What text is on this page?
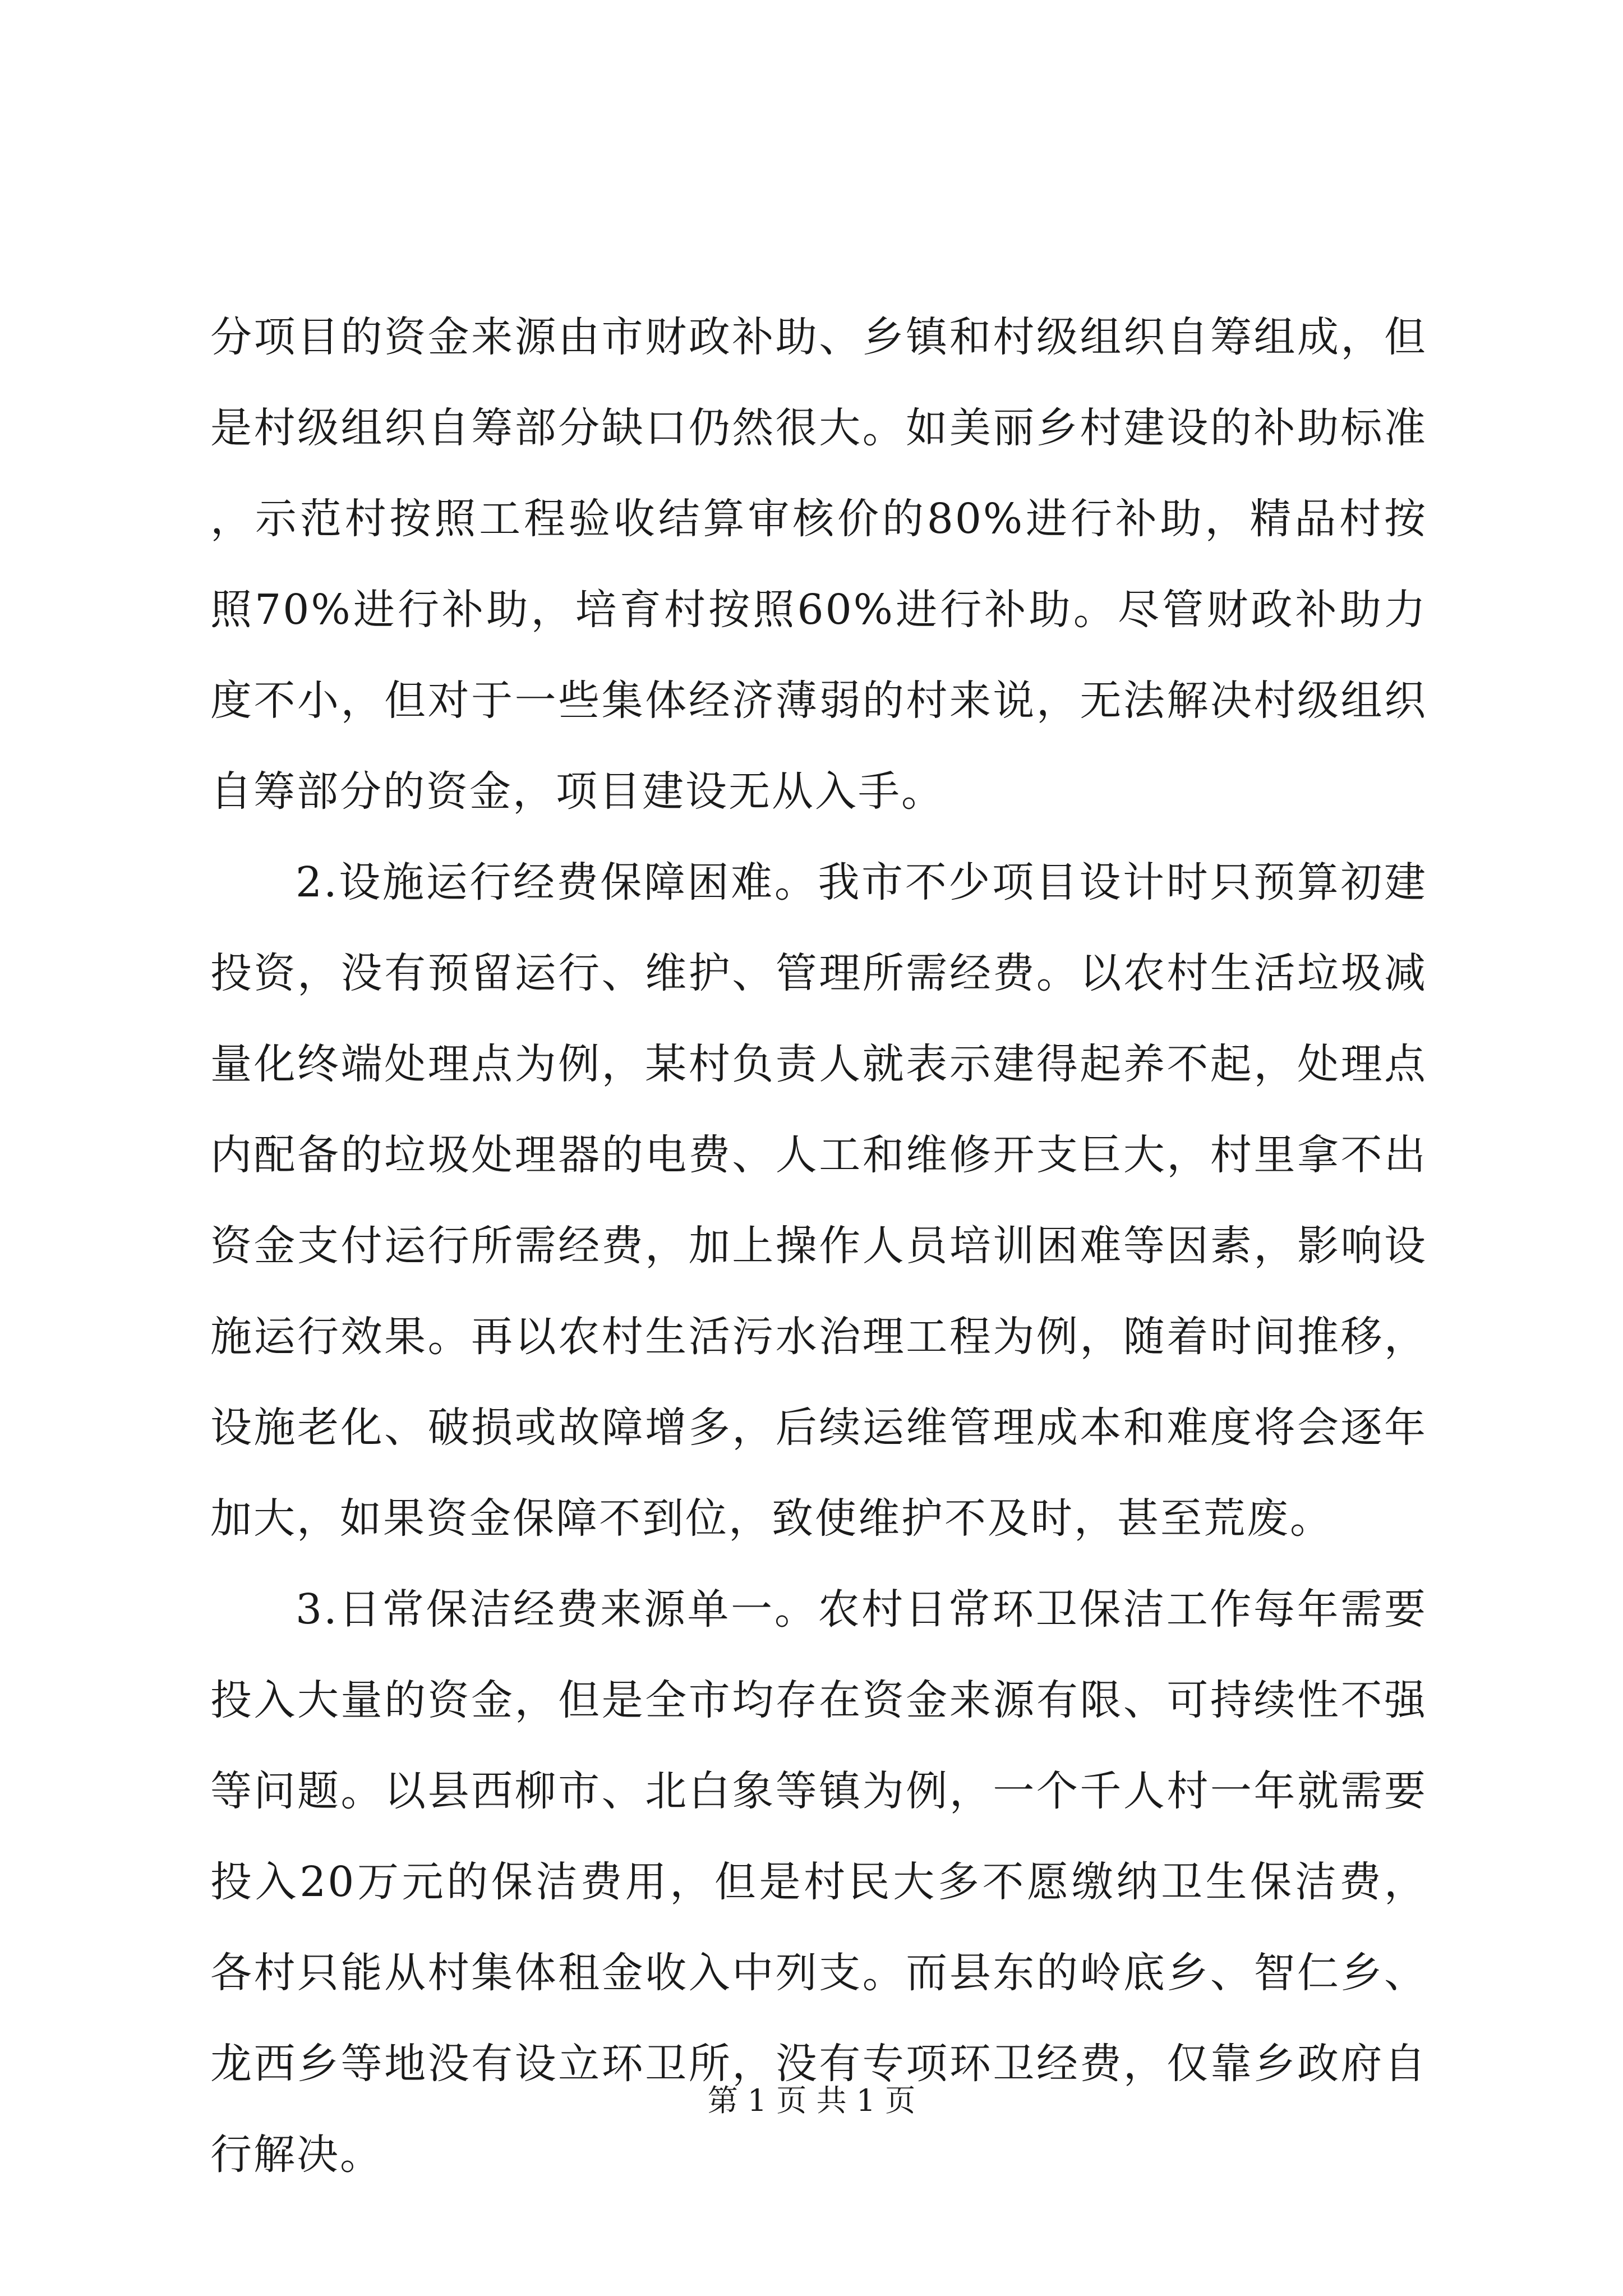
分项目的资金来源由市财政补助、乡镇和村级组织自筹组成，但是村级组织自筹部分缺口仍然很大。如美丽乡村建设的补助标准，示范村按照工程验收结算审核价的80%进行补助，精品村按照70%进行补助，培育村按照60%进行补助。尽管财政补助力度不小，但对于一些集体经济薄弱的村来说，无法解决村级组织自筹部分的资金，项目建设无从入手。

2.设施运行经费保障困难。我市不少项目设计时只预算初建投资，没有预留运行、维护、管理所需经费。以农村生活垃圾减量化终端处理点为例，某村负责人就表示建得起养不起，处理点内配备的垃圾处理器的电费、人工和维修开支巨大，村里拿不出资金支付运行所需经费，加上操作人员培训困难等因素，影响设施运行效果。再以农村生活污水治理工程为例，随着时间推移，设施老化、破损或故障增多，后续运维管理成本和难度将会逐年加大，如果资金保障不到位，致使维护不及时，甚至荒废。

3.日常保洁经费来源单一。农村日常环卫保洁工作每年需要投入大量的资金，但是全市均存在资金来源有限、可持续性不强等问题。以县西柳市、北白象等镇为例，一个千人村一年就需要投入20万元的保洁费用，但是村民大多不愿缴纳卫生保洁费，各村只能从村集体租金收入中列支。而县东的岭底乡、智仁乡、龙西乡等地没有设立环卫所，没有专项环卫经费，仅靠乡政府自行解决。

第 1 页 共 1 页
